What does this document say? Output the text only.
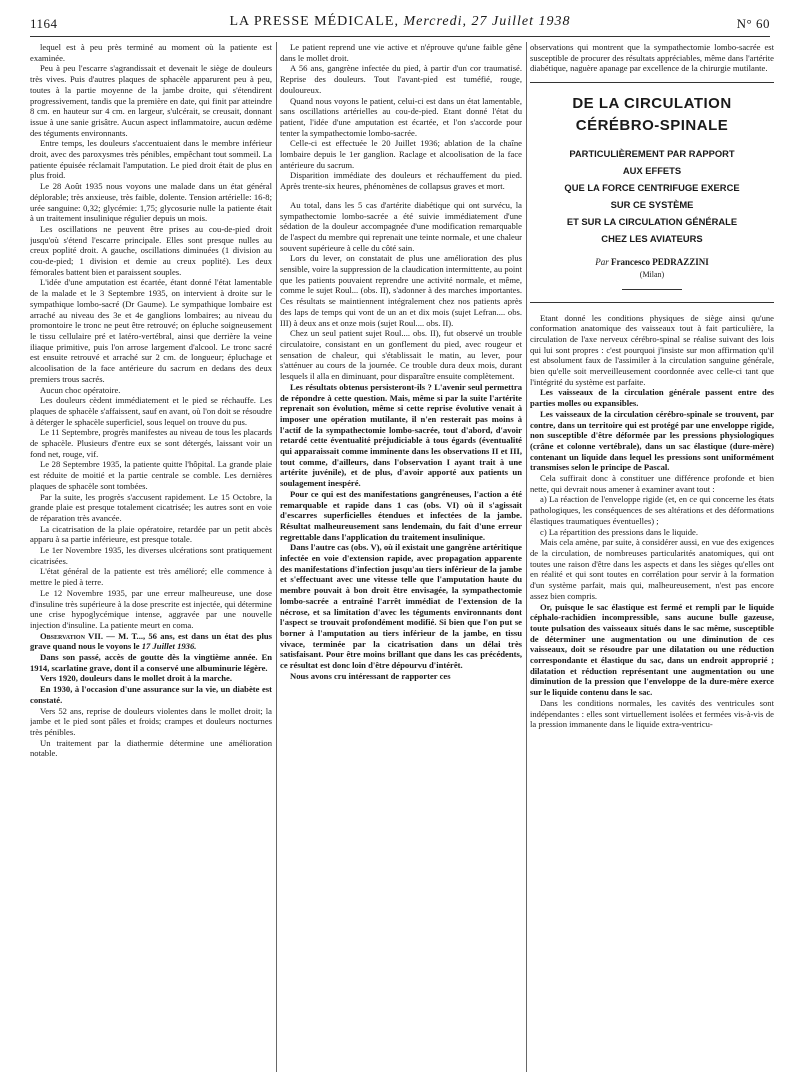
1164	LA PRESSE MÉDICALE, Mercredi, 27 Juillet 1938	N° 60

lequel est à peu près terminé au moment où la patiente est examinée.

Peu à peu l'escarre s'agrandissait et devenait le siège de douleurs très vives. Puis d'autres plaques de sphacèle apparurent peu à peu, toutes à la partie moyenne de la jambe droite, qui s'étendirent progressivement, tandis que la première en date, qui finit par atteindre 8 cm. en hauteur sur 4 cm. en largeur, s'ulcérait, se creusait, donnant issue à une sanie grisâtre. Aucun aspect inflammatoire, aucun œdème des téguments environnants.

Entre temps, les douleurs s'accentuaient dans le membre inférieur droit, avec des paroxysmes très pénibles, empêchant tout sommeil. La patiente épuisée réclamait l'amputation. Le pied droit était de plus en plus froid.

Le 28 Août 1935 nous voyons une malade dans un état général déplorable; très anxieuse, très faible, dolente. Tension artérielle: 16-8; urée sanguine: 0,32; glycémie: 1,75; glycosurie nulle la patiente était à un traitement insulinique régulier depuis un mois.

Les oscillations ne peuvent être prises au cou-de-pied droit jusqu'où s'étend l'escarre principale. Elles sont presque nulles au creux poplité droit. A gauche, oscillations diminuées (1 division au cou-de-pied; 1 division et demie au creux poplité). Les deux fémorales battent bien et paraissent souples.

L'idée d'une amputation est écartée, étant donné l'état lamentable de la malade et le 3 Septembre 1935, on intervient à droite sur le sympathique lombo-sacré (Dr Gaume). Le sympathique lombaire est arraché au niveau des 3e et 4e ganglions lombaires; au niveau du promontoire le tronc ne peut être retrouvé; on épluche soigneusement le tissu cellulaire pré et latéro-vertébral, ainsi que derrière la veine iliaque primitive, puis l'on arrose largement d'alcool. Le tronc sacré est ensuite retrouvé et arraché sur 2 cm. de longueur; épluchage et alcoolisation de la face antérieure du sacrum en dedans des deux premiers trous sacrés.

Aucun choc opératoire.

Les douleurs cèdent immédiatement et le pied se réchauffe. Les plaques de sphacèle s'affaissent, sauf en avant, où l'on doit se résoudre à déterger le sphacèle superficiel, sous lequel on trouve du pus.

Le 11 Septembre, progrès manifestes au niveau de tous les placards de sphacèle. Plusieurs d'entre eux se sont détergés, laissant voir un fond net, rouge, vif.

Le 28 Septembre 1935, la patiente quitte l'hôpital. La grande plaie est réduite de moitié et la partie centrale se comble. Les dernières plaques de sphacèle sont tombées.

Par la suite, les progrès s'accusent rapidement. Le 15 Octobre, la grande plaie est presque totalement cicatrisée; les autres sont en voie de réparation très avancée.

La cicatrisation de la plaie opératoire, retardée par un petit abcès apparu à sa partie inférieure, est presque totale.

Le 1er Novembre 1935, les diverses ulcérations sont pratiquement cicatrisées.

L'état général de la patiente est très amélioré; elle commence à mettre le pied à terre.

Le 12 Novembre 1935, par une erreur malheureuse, une dose d'insuline très supérieure à la dose prescrite est injectée, qui détermine une crise hypoglycémique intense, aggravée par une nouvelle injection d'insuline. La patiente meurt en coma.

Observation VII. — M. T..., 56 ans, est dans un état des plus grave quand nous le voyons le 17 Juillet 1936.

Dans son passé, accès de goutte dès la vingtième année. En 1914, scarlatine grave, dont il a conservé une albuminurie légère.

Vers 1920, douleurs dans le mollet droit à la marche.

En 1930, à l'occasion d'une assurance sur la vie, un diabète est constaté.

Vers 52 ans, reprise de douleurs violentes dans le mollet droit; la jambe et le pied sont pâles et froids; crampes et douleurs nocturnes très pénibles.

Un traitement par la diathermie détermine une amélioration notable.

Le patient reprend une vie active et n'éprouve qu'une faible gêne dans le mollet droit.

A 56 ans, gangrène infectée du pied, à partir d'un cor traumatisé. Reprise des douleurs. Tout l'avant-pied est tuméfié, rouge, douloureux.

Quand nous voyons le patient, celui-ci est dans un état lamentable, sans oscillations artérielles au cou-de-pied. Etant donné l'état du patient, l'idée d'une amputation est écartée, et l'on s'accorde pour tenter la sympathectomie lombo-sacrée.

Celle-ci est effectuée le 20 Juillet 1936; ablation de la chaîne lombaire depuis le 1er ganglion. Raclage et alcoolisation de la face antérieure du sacrum.

Disparition immédiate des douleurs et réchauffement du pied. Après trente-six heures, phénomènes de collapsus graves et mort.

Au total, dans les 5 cas d'artérite diabétique qui ont survécu, la sympathectomie lombo-sacrée a été suivie immédiatement d'une sédation de la douleur accompagnée d'une modification remarquable de l'aspect du membre qui reprenait une teinte normale, et une chaleur souvent supérieure à celle du côté sain.

Lors du lever, on constatait de plus une amélioration des plus sensible, voire la suppression de la claudication intermittente, au point que les patients pouvaient reprendre une activité normale, et même, comme le sujet Roul... (obs. II), s'adonner à des marches importantes. Ces résultats se maintiennent intégralement chez nos patients après des laps de temps qui vont de un an et dix mois (sujet Lefran.... obs. III) à deux ans et onze mois (sujet Roul.... obs. II).

Chez un seul patient sujet Roul.... obs. II), fut observé un trouble circulatoire, consistant en un gonflement du pied, avec rougeur et sensation de chaleur, qui s'établissait le matin, au lever, pour s'atténuer au cours de la journée. Ce trouble dura deux mois, durant lesquels il alla en diminuant, pour disparaître ensuite complètement.

Les résultats obtenus persisteront-ils ? L'avenir seul permettra de répondre à cette question. Mais, même si par la suite l'artérite reprenait son évolution, même si cette reprise évolutive venait à imposer une opération mutilante, il n'en resterait pas moins à l'actif de la sympathectomie lombo-sacrée, tout d'abord, d'avoir retardé cette éventualité préjudiciable à tous égards (éventualité qui apparaissait comme imminente dans les observations II et III, tout comme, d'ailleurs, dans l'observation I ayant trait à une artérite juvénile), et de plus, d'avoir apporté aux patients un soulagement inespéré.

Pour ce qui est des manifestations gangréneuses, l'action a été remarquable et rapide dans 1 cas (obs. VI) où il s'agissait d'escarres superficielles étendues et infectées de la jambe. Résultat malheureusement sans lendemain, du fait d'une erreur regrettable dans l'application du traitement insulinique.

Dans l'autre cas (obs. V), où il existait une gangrène artéritique infectée en voie d'extension rapide, avec propagation apparente des manifestations d'infection jusqu'au tiers inférieur de la jambe et s'effectuant avec une vitesse telle que l'amputation haute du membre pouvait à bon droit être envisagée, la sympathectomie lombo-sacrée a entraîné l'arrêt immédiat de l'extension de la nécrose, et sa limitation d'avec les téguments environnants dont l'aspect se trouvait profondément modifié. Si bien que l'on put se borner à l'amputation au tiers inférieur de la jambe, en tissu vivace, terminée par la cicatrisation dans un délai très satisfaisant. Pour être moins brillant que dans les cas précédents, ce résultat est donc loin d'être dépourvu d'intérêt.

Nous avons cru intéressant de rapporter ces

observations qui montrent que la sympathectomie lombo-sacrée est susceptible de procurer des résultats appréciables, même dans l'artérite diabétique, naguère apanage par excellence de la chirurgie mutilante.

DE LA CIRCULATION CÉRÉBRO-SPINALE
PARTICULIÈREMENT PAR RAPPORT
AUX EFFETS
QUE LA FORCE CENTRIFUGE EXERCE
SUR CE SYSTÈME
ET SUR LA CIRCULATION GÉNÉRALE
CHEZ LES AVIATEURS
Par Francesco PEDRAZZINI
(Milan)

Etant donné les conditions physiques de siège ainsi qu'une conformation anatomique des vaisseaux tout à fait particulière, la circulation de l'axe nerveux cérébro-spinal se réalise suivant des lois qui lui sont propres : c'est pourquoi j'insiste sur mon affirmation qu'il est absolument faux de l'assimiler à la circulation sanguine générale, bien qu'elle soit merveilleusement coordonnée avec celle-ci tant que l'intégrité du système est parfaite.

Les vaisseaux de la circulation générale passent entre des parties molles ou expansibles.

Les vaisseaux de la circulation cérébro-spinale se trouvent, par contre, dans un territoire qui est protégé par une enveloppe rigide, non susceptible d'être déformée par les pressions physiologiques (crâne et colonne vertébrale), dans un sac élastique (dure-mère) contenant un liquide dans lequel les pressions sont uniformément transmises selon le principe de Pascal.

Cela suffirait donc à constituer une différence profonde et bien nette, qui devrait nous amener à examiner avant tout :

a) La réaction de l'enveloppe rigide (et, en ce qui concerne les états pathologiques, les conséquences de ses altérations et des déformations élastiques traumatiques éventuelles) ;

c) La répartition des pressions dans le liquide.

Mais cela amène, par suite, à considérer aussi, en vue des exigences de la circulation, de nombreuses particularités anatomiques, qui ont toutes une raison d'être dans les aspects et dans les sièges qu'elles ont en réalité et qui sont toutes en corrélation pour servir à la formation d'un système parfait, mais qui, malheureusement, n'est pas encore assez bien compris.

Or, puisque le sac élastique est fermé et rempli par le liquide céphalo-rachidien incompressible, sans aucune bulle gazeuse, toute pulsation des vaisseaux situés dans le sac même, susceptible de déterminer une augmentation ou une diminution de ces vaisseaux, doit se résoudre par une dilatation ou une réduction correspondante et élastique du sac, dans un endroit approprié ; dilatation et réduction représentant une augmentation ou une diminution de la pression que l'enveloppe de la dure-mère exerce sur le liquide contenu dans le sac.

Dans les conditions normales, les cavités des ventricules sont indépendantes : elles sont virtuellement isolées et fermées vis-à-vis de la pression immanente dans le liquide extra-ventricu-
